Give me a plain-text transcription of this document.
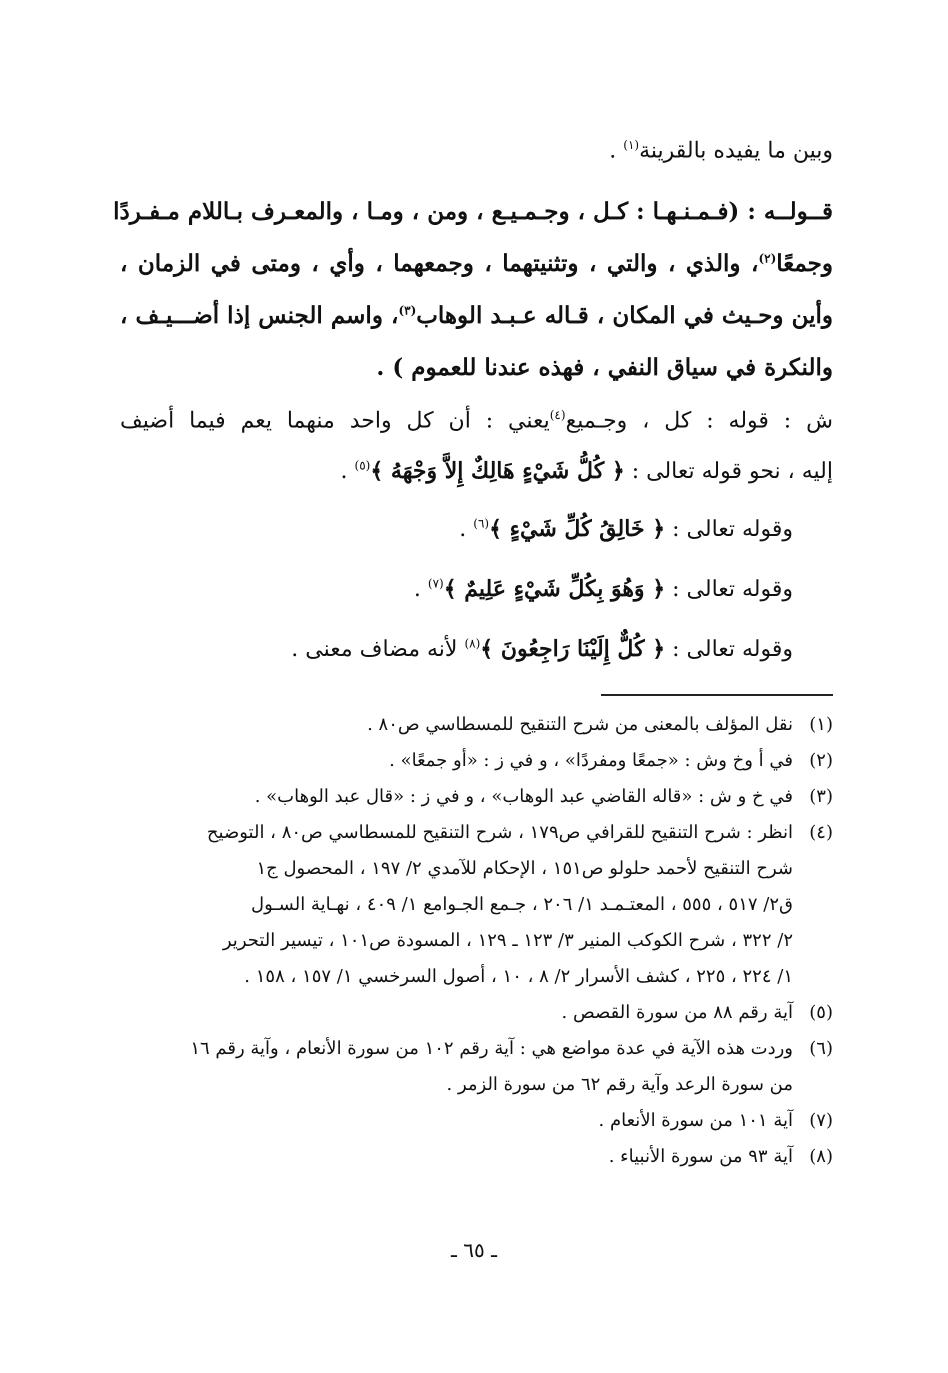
وبين ما يفيده بالقرينة$^{(١)}$ .
قــولــه : (فـمـنـهـا : كـل ، وجـمـيـع ، ومن ، ومـا ، والمعـرف بـاللام مـفـردًا
وجمعًا$^{(٢)}$، والذي ، والتي ، وتثنيتهما ، وجمعهما ، وأي ، ومتى في الزمان ،
وأين وحـيث في المكان ، قـاله عـبـد الوهاب$^{(٣)}$، واسم الجنس إذا أضـــيـف ،
والنكرة في سياق النفي ، فهذه عندنا للعموم ) .
ش : قوله : كل ، وجـميع$^{(٤)}$يعني : أن كل واحد منهما يعم فيما أضيف
إليه ، نحو قوله تعالى : ﴿ كُلُّ شَيْءٍ هَالِكٌ إِلاَّ وَجْهَهُ ﴾$^{(٥)}$ .
وقوله تعالى : ﴿ خَالِقُ كُلِّ شَيْءٍ ﴾$^{(٦)}$ .
وقوله تعالى : ﴿ وَهُوَ بِكُلِّ شَيْءٍ عَلِيمٌ ﴾$^{(٧)}$ .
وقوله تعالى : ﴿ كُلٌّ إِلَيْنَا رَاجِعُونَ ﴾$^{(٨)}$ لأنه مضاف معنى .
(١)نقل المؤلف بالمعنى من شرح التنقيح للمسطاسي ص٨٠ .
(٢)في أ وخ وش : «جمعًا ومفردًا» ، و في ز : «أو جمعًا» .
(٣)في خ و ش : «قاله القاضي عبد الوهاب» ، و في ز : «قال عبد الوهاب» .
(٤)انظر : شرح التنقيح للقرافي ص١٧٩ ، شرح التنقيح للمسطاسي ص٨٠ ، التوضيح
شرح التنقيح لأحمد حلولو ص١٥١ ، الإحكام للآمدي ٢/ ١٩٧ ، المحصول ج١
ق٢/ ٥١٧ ، ٥٥٥ ، المعتـمـد ١/ ٢٠٦ ، جـمع الجـوامع ١/ ٤٠٩ ، نهـاية السـول
٢/ ٣٢٢ ، شرح الكوكب المنير ٣/ ١٢٣ ـ ١٢٩ ، المسودة ص١٠١ ، تيسير التحرير
١/ ٢٢٤ ، ٢٢٥ ، كشف الأسرار ٢/ ٨ ، ١٠ ، أصول السرخسي ١/ ١٥٧ ، ١٥٨ .
(٥)آية رقم ٨٨ من سورة القصص .
(٦)وردت هذه الآية في عدة مواضع هي : آية رقم ١٠٢ من سورة الأنعام ، وآية رقم ١٦
من سورة الرعد وآية رقم ٦٢ من سورة الزمر .
(٧)آية ١٠١ من سورة الأنعام .
(٨)آية ٩٣ من سورة الأنبياء .
ـ ٦٥ ـ
